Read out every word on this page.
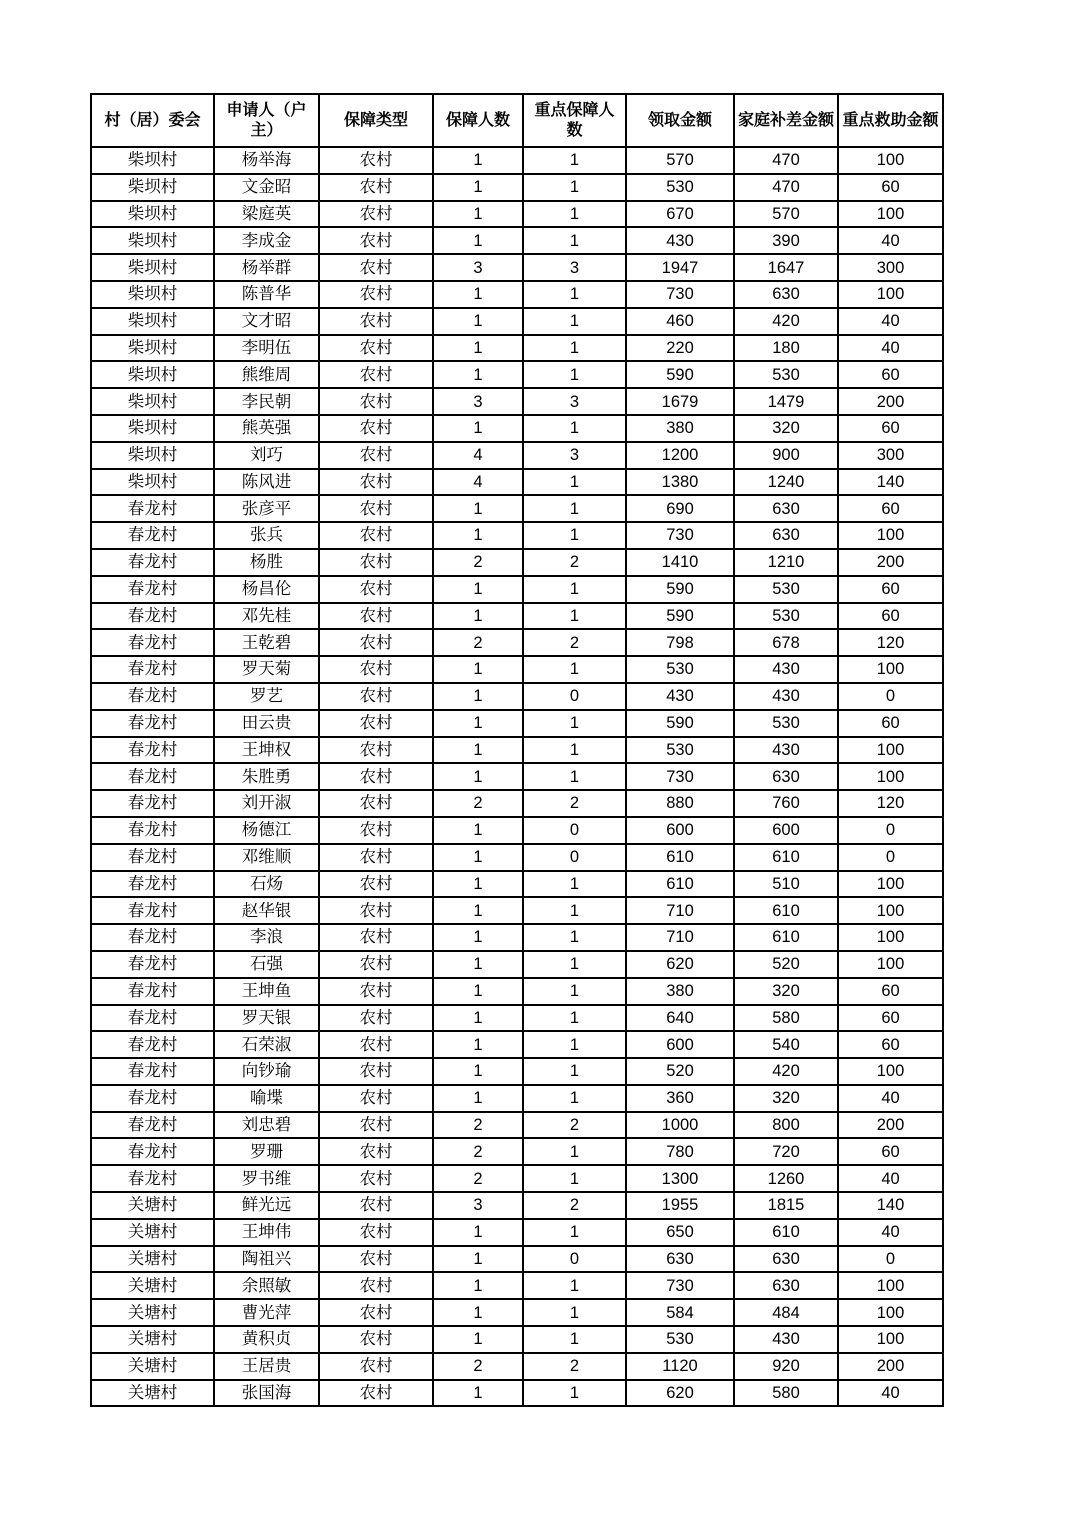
村（居）委会	申请人（户主）	保障类型	保障人数	重点保障人数	领取金额	家庭补差金额	重点救助金额
柴坝村	杨举海	农村	1	1	570	470	100
柴坝村	文金昭	农村	1	1	530	470	60
柴坝村	梁庭英	农村	1	1	670	570	100
柴坝村	李成金	农村	1	1	430	390	40
柴坝村	杨举群	农村	3	3	1947	1647	300
柴坝村	陈普华	农村	1	1	730	630	100
柴坝村	文才昭	农村	1	1	460	420	40
柴坝村	李明伍	农村	1	1	220	180	40
柴坝村	熊维周	农村	1	1	590	530	60
柴坝村	李民朝	农村	3	3	1679	1479	200
柴坝村	熊英强	农村	1	1	380	320	60
柴坝村	刘巧	农村	4	3	1200	900	300
柴坝村	陈风进	农村	4	1	1380	1240	140
春龙村	张彦平	农村	1	1	690	630	60
春龙村	张兵	农村	1	1	730	630	100
春龙村	杨胜	农村	2	2	1410	1210	200
春龙村	杨昌伦	农村	1	1	590	530	60
春龙村	邓先桂	农村	1	1	590	530	60
春龙村	王乾碧	农村	2	2	798	678	120
春龙村	罗天菊	农村	1	1	530	430	100
春龙村	罗艺	农村	1	0	430	430	0
春龙村	田云贵	农村	1	1	590	530	60
春龙村	王坤权	农村	1	1	530	430	100
春龙村	朱胜勇	农村	1	1	730	630	100
春龙村	刘开淑	农村	2	2	880	760	120
春龙村	杨德江	农村	1	0	600	600	0
春龙村	邓维顺	农村	1	0	610	610	0
春龙村	石炀	农村	1	1	610	510	100
春龙村	赵华银	农村	1	1	710	610	100
春龙村	李浪	农村	1	1	710	610	100
春龙村	石强	农村	1	1	620	520	100
春龙村	王坤鱼	农村	1	1	380	320	60
春龙村	罗天银	农村	1	1	640	580	60
春龙村	石荣淑	农村	1	1	600	540	60
春龙村	向钞瑜	农村	1	1	520	420	100
春龙村	喻堞	农村	1	1	360	320	40
春龙村	刘忠碧	农村	2	2	1000	800	200
春龙村	罗珊	农村	2	1	780	720	60
春龙村	罗书维	农村	2	1	1300	1260	40
关塘村	鲜光远	农村	3	2	1955	1815	140
关塘村	王坤伟	农村	1	1	650	610	40
关塘村	陶祖兴	农村	1	0	630	630	0
关塘村	余照敏	农村	1	1	730	630	100
关塘村	曹光萍	农村	1	1	584	484	100
关塘村	黄积贞	农村	1	1	530	430	100
关塘村	王居贵	农村	2	2	1120	920	200
关塘村	张国海	农村	1	1	620	580	40
